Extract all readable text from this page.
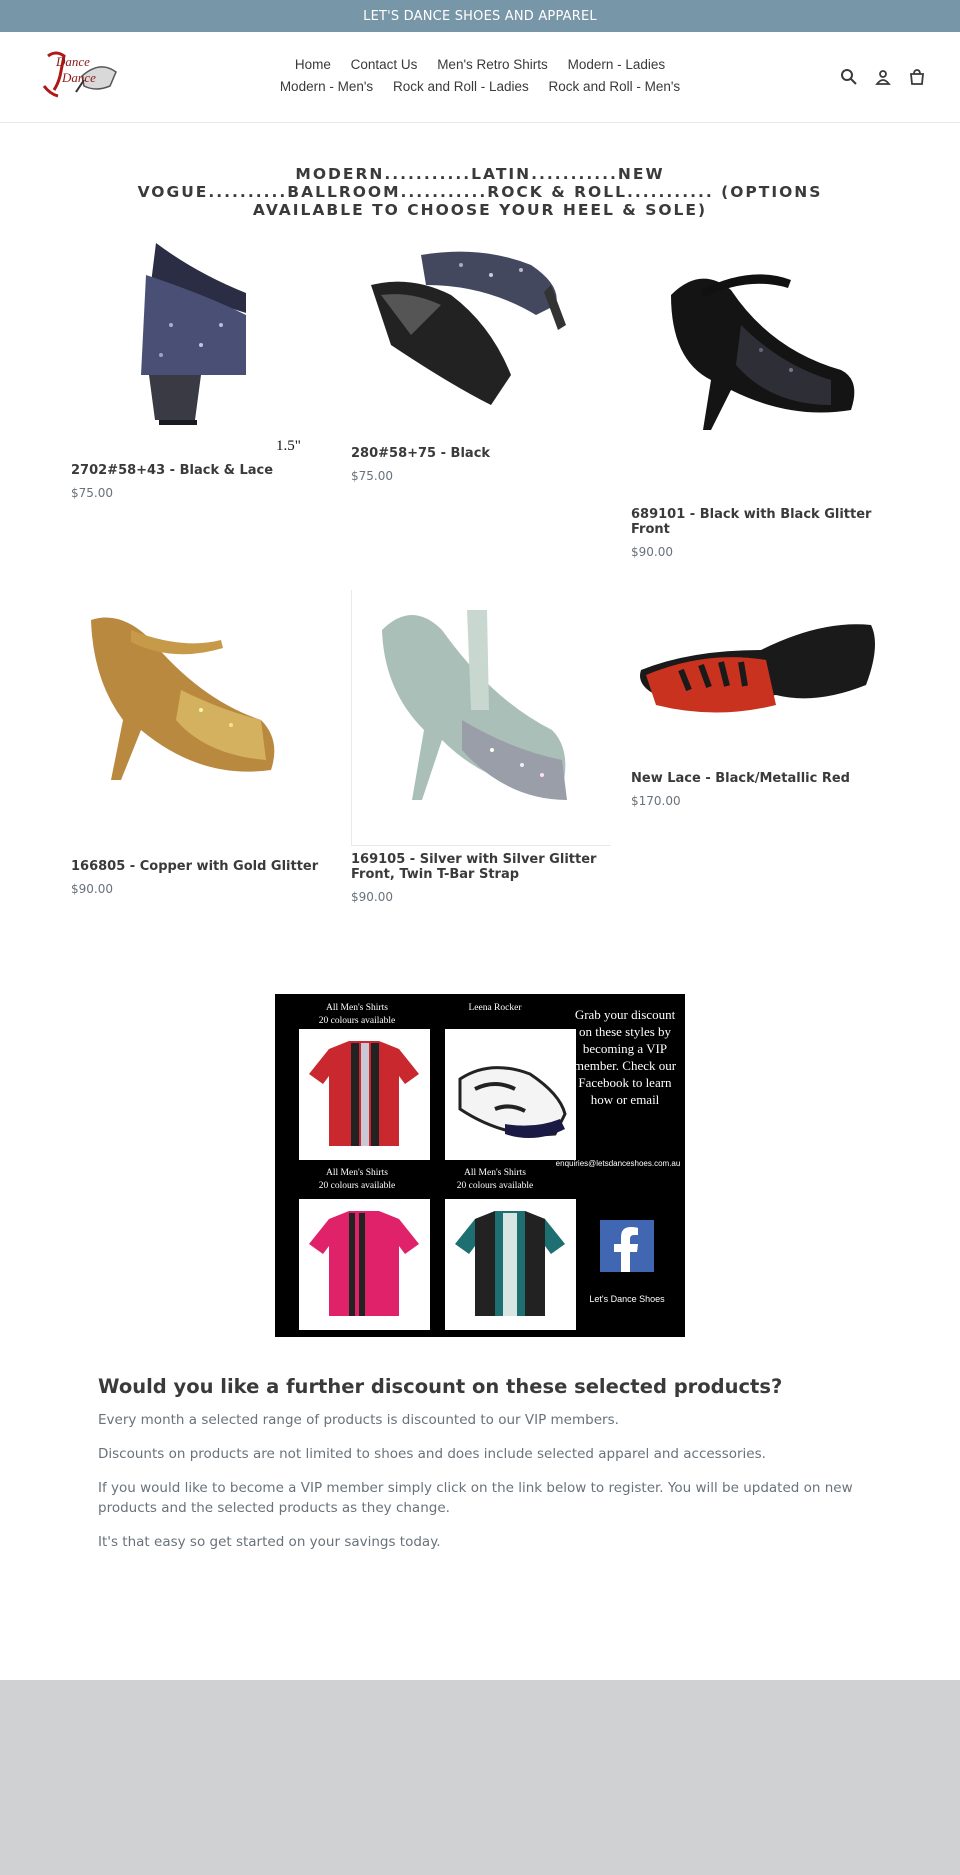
LET'S DANCE SHOES AND APPAREL
Dance
Dance
Home Contact Us Men's Retro Shirts Modern - Ladies
Modern - Men's Rock and Roll - Ladies Rock and Roll - Men's
MODERN...........LATIN...........NEW VOGUE..........BALLROOM...........ROCK & ROLL........... (OPTIONS AVAILABLE TO CHOOSE YOUR HEEL & SOLE)
1.5"
2702#58+43 - Black & Lace
$75.00
280#58+75 - Black
$75.00
689101 - Black with Black Glitter Front
$90.00
166805 - Copper with Gold Glitter
$90.00
169105 - Silver with Silver Glitter Front, Twin T-Bar Strap
$90.00
New Lace - Black/Metallic Red
$170.00
All Men's Shirts
20 colours available
Leena Rocker	Grab your discount on these styles by becoming a VIP member. Check our Facebook to learn how or email
enquiries@letsdanceshoes.com.au
All Men's Shirts
20 colours available
All Men's Shirts
20 colours available
Let's Dance Shoes
Would you like a further discount on these selected products?

Every month a selected range of products is discounted to our VIP members.

Discounts on products are not limited to shoes and does include selected apparel and accessories.

If you would like to become a VIP member simply click on the link below to register. You will be updated on new products and the selected products as they change.

It's that easy so get started on your savings today.
